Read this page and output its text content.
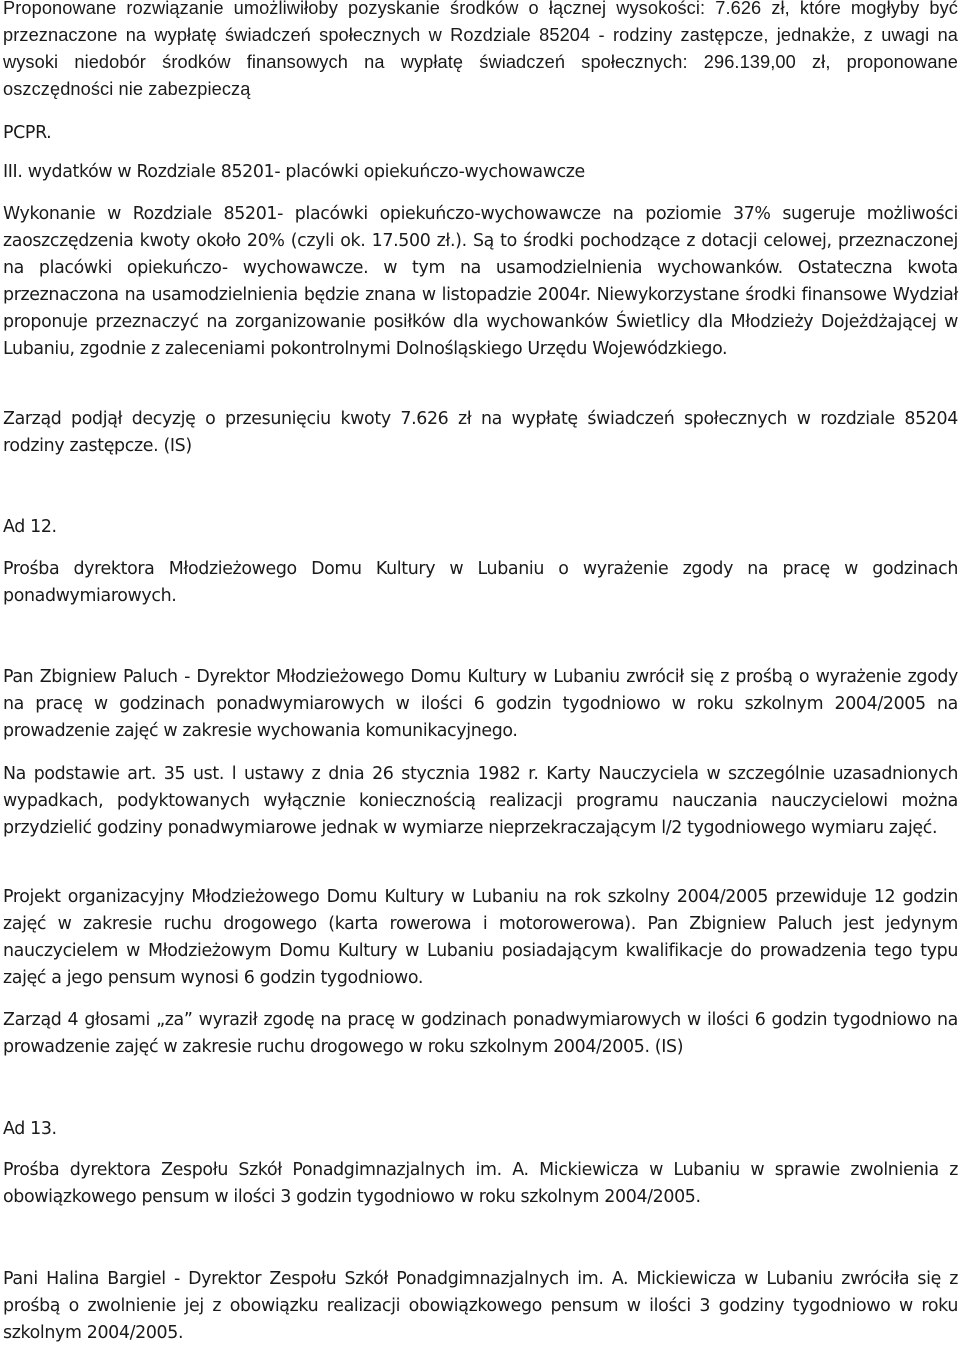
Proponowane rozwiązanie umożliwiłoby pozyskanie środków o łącznej wysokości: 7.626 zł, które mogłyby być przeznaczone na wypłatę świadczeń społecznych w Rozdziale 85204 - rodziny zastępcze, jednakże, z uwagi na wysoki niedobór środków finansowych na wypłatę świadczeń społecznych: 296.139,00 zł, proponowane oszczędności nie zabezpieczą

PCPR.

III. wydatków w Rozdziale 85201- placówki opiekuńczo-wychowawcze

Wykonanie w Rozdziale 85201- placówki opiekuńczo-wychowawcze na poziomie 37% sugeruje możliwości zaoszczędzenia kwoty około 20% (czyli ok. 17.500 zł.). Są to środki pochodzące z dotacji celowej, przeznaczonej na placówki opiekuńczo- wychowawcze. w tym na usamodzielnienia wychowanków. Ostateczna kwota przeznaczona na usamodzielnienia będzie znana w listopadzie 2004r. Niewykorzystane środki finansowe Wydział proponuje przeznaczyć na zorganizowanie posiłków dla wychowanków Świetlicy dla Młodzieży Dojeżdżającej w Lubaniu, zgodnie z zaleceniami pokontrolnymi Dolnośląskiego Urzędu Wojewódzkiego.

Zarząd podjął decyzję o przesunięciu kwoty 7.626 zł na wypłatę świadczeń społecznych w rozdziale 85204 rodziny zastępcze. (IS)

Ad 12.

Prośba dyrektora Młodzieżowego Domu Kultury w Lubaniu o wyrażenie zgody na pracę w godzinach ponadwymiarowych.

Pan Zbigniew Paluch - Dyrektor Młodzieżowego Domu Kultury w Lubaniu zwrócił się z prośbą o wyrażenie zgody na pracę w godzinach ponadwymiarowych w ilości 6 godzin tygodniowo w roku szkolnym 2004/2005 na prowadzenie zajęć w zakresie wychowania komunikacyjnego.

Na podstawie art. 35 ust. l ustawy z dnia 26 stycznia 1982 r. Karty Nauczyciela w szczególnie uzasadnionych wypadkach, podyktowanych wyłącznie koniecznością realizacji programu nauczania nauczycielowi można przydzielić godziny ponadwymiarowe jednak w wymiarze nieprzekraczającym l/2 tygodniowego wymiaru zajęć.

Projekt organizacyjny Młodzieżowego Domu Kultury w Lubaniu na rok szkolny 2004/2005 przewiduje 12 godzin zajęć w zakresie ruchu drogowego (karta rowerowa i motorowerowa). Pan Zbigniew Paluch jest jedynym nauczycielem w Młodzieżowym Domu Kultury w Lubaniu posiadającym kwalifikacje do prowadzenia tego typu zajęć a jego pensum wynosi 6 godzin tygodniowo.

Zarząd 4 głosami „za” wyraził zgodę na pracę w godzinach ponadwymiarowych w ilości 6 godzin tygodniowo na prowadzenie zajęć w zakresie ruchu drogowego w roku szkolnym 2004/2005. (IS)

Ad 13.

Prośba dyrektora Zespołu Szkół Ponadgimnazjalnych im. A. Mickiewicza w Lubaniu w sprawie zwolnienia z obowiązkowego pensum w ilości 3 godzin tygodniowo w roku szkolnym 2004/2005.

Pani Halina Bargiel - Dyrektor Zespołu Szkół Ponadgimnazjalnych im. A. Mickiewicza w Lubaniu zwróciła się z prośbą o zwolnienie jej z obowiązku realizacji obowiązkowego pensum w ilości 3 godziny tygodniowo w roku szkolnym 2004/2005.
